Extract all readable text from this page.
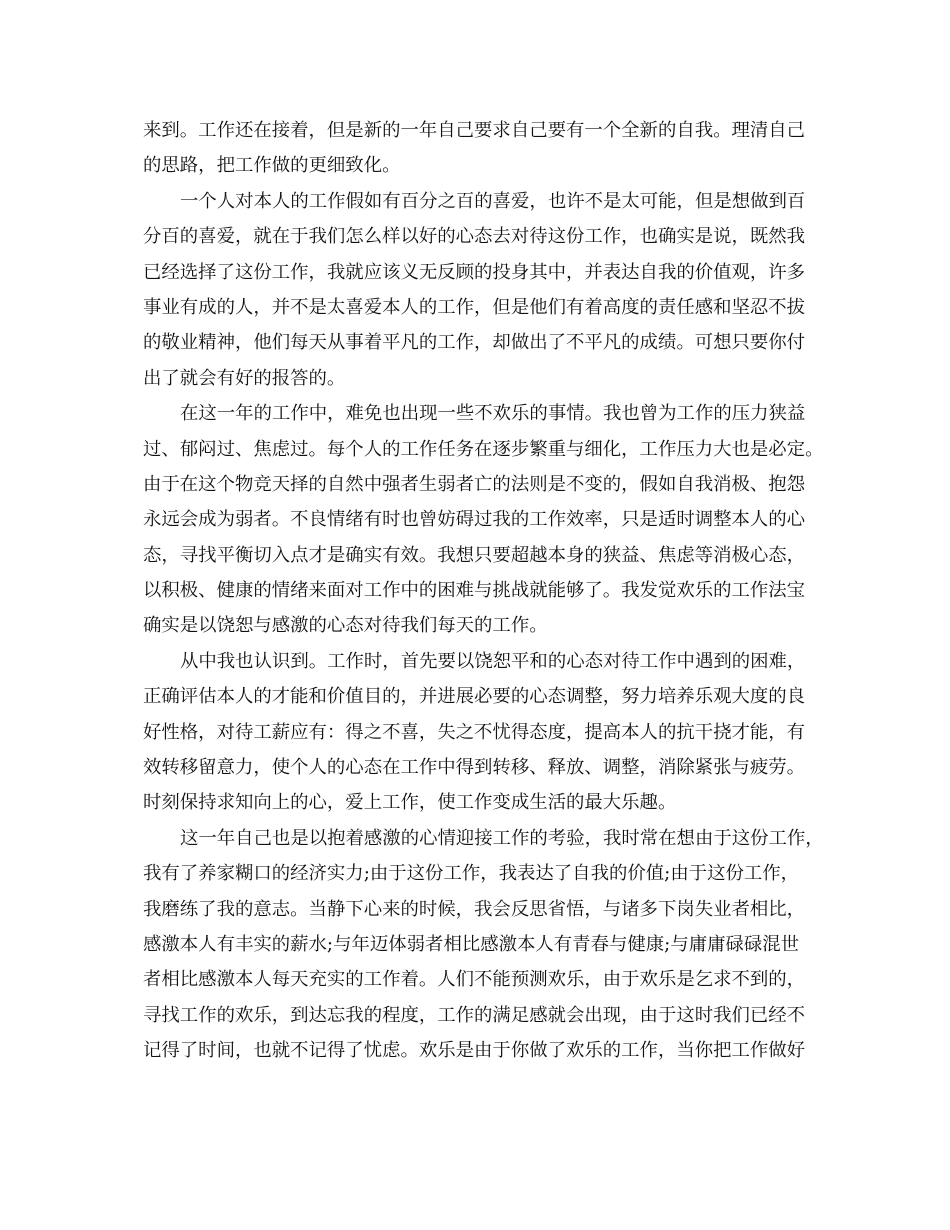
来到。工作还在接着，但是新的一年自己要求自己要有一个全新的自我。理清自己
的思路，把工作做的更细致化。
一个人对本人的工作假如有百分之百的喜爱，也许不是太可能，但是想做到百
分百的喜爱，就在于我们怎么样以好的心态去对待这份工作，也确实是说，既然我
已经选择了这份工作，我就应该义无反顾的投身其中，并表达自我的价值观，许多
事业有成的人，并不是太喜爱本人的工作，但是他们有着高度的责任感和坚忍不拔
的敬业精神，他们每天从事着平凡的工作，却做出了不平凡的成绩。可想只要你付
出了就会有好的报答的。
在这一年的工作中，难免也出现一些不欢乐的事情。我也曾为工作的压力狭益
过、郁闷过、焦虑过。每个人的工作任务在逐步繁重与细化，工作压力大也是必定。
由于在这个物竞天择的自然中强者生弱者亡的法则是不变的，假如自我消极、抱怨
永远会成为弱者。不良情绪有时也曾妨碍过我的工作效率，只是适时调整本人的心
态，寻找平衡切入点才是确实有效。我想只要超越本身的狭益、焦虑等消极心态，
以积极、健康的情绪来面对工作中的困难与挑战就能够了。我发觉欢乐的工作法宝
确实是以饶恕与感激的心态对待我们每天的工作。
从中我也认识到。工作时，首先要以饶恕平和的心态对待工作中遇到的困难，
正确评估本人的才能和价值目的，并进展必要的心态调整，努力培养乐观大度的良
好性格，对待工薪应有：得之不喜，失之不忧得态度，提高本人的抗干挠才能，有
效转移留意力，使个人的心态在工作中得到转移、释放、调整，消除紧张与疲劳。
时刻保持求知向上的心，爱上工作，使工作变成生活的最大乐趣。
这一年自己也是以抱着感激的心情迎接工作的考验，我时常在想由于这份工作，
我有了养家糊口的经济实力;由于这份工作，我表达了自我的价值;由于这份工作，
我磨练了我的意志。当静下心来的时候，我会反思省悟，与诸多下岗失业者相比，
感激本人有丰实的薪水;与年迈体弱者相比感激本人有青春与健康;与庸庸碌碌混世
者相比感激本人每天充实的工作着。人们不能预测欢乐，由于欢乐是乞求不到的，
寻找工作的欢乐，到达忘我的程度，工作的满足感就会出现，由于这时我们已经不
记得了时间，也就不记得了忧虑。欢乐是由于你做了欢乐的工作，当你把工作做好
